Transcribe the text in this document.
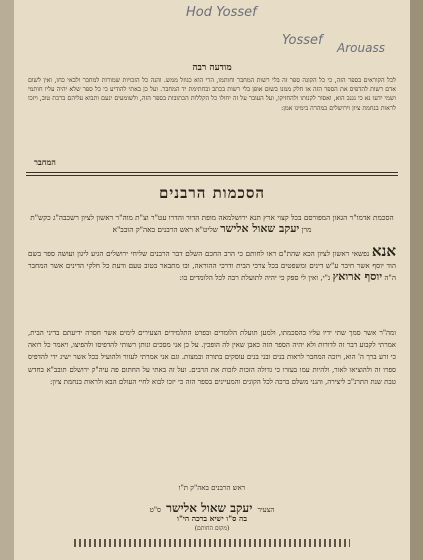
Hod Yossef
Yossef Arouass
מודעה רבה
לכל הקוראים בספר הזה, כי כל הקונה ספר זה בלי רשות המחבר וחותמו, הרי הוא כגוזל ממש. והנה כל הזכויות שמורות למחבר ולבאי כחו, ואין לשום אדם רשות להדפיס את הספר הזה או חלק ממנו בשום אופן בלי רשות בכתב ובחתימת יד המחבר. ועל כן באתי להודיע כי כל ספר שלא יהיה עליו חותמי ושמי ידעו נא כי נגנב הוא, ואסור לקנותו ולהחזיקו, ועל העובר על זה יחולו כל הקללות הכתובות בספר הזה, ולשומעים ינעם ותבוא עליהם ברכת טוב, ויזכו לראות בנחמת ציון וירושלים במהרה בימינו אמן:
המחבר
הסכמות הרבנים
הסכמת אדמו"ר הגאון המפורסם בכל קצוי ארץ תנא ירושלמאה מופת הדור והדרו עט"ר וצ"ת מוה"ר ראשון לציון רשכבה"ג כקש"ת מרן יעקב שאול אלישר שליט"א ראש הרבנים באה"ק הובב"א
אנא נפשאי ראשון לציון הכא שהת"ם ראו לחותם כי הרב החכם השלם דבר הרבנים שליחי ירושלים הגיע ליגון ועושה ספר בשם הוד יוסף אשר חיבר ע"ש דינים ומשפטים בכל צרכי הבית ודרכי ההוראה, ובו מתבאר בטוב טעם ודעת כל חלקי הדינים אשר המחבר ה"ה יוסף ארואץ נ"י, ואין לי ספק כי יהיה לתועלת רבה לכל הלומדים בו:
ומה"ר אשר סמך שתי ידיו עליו בהסכמתו, ולמען תועלת הלומדים ובפרט התלמידים הצעירים לימים אשר חסרה ידיעתם בדיני הבית, אמרתי לקבוע דבר זה לדורות ולא יהיה הספר הזה כאבן שאין לה הופכין. על כן אני מסכים ונותן רשותי להדפיסו ולהפיצו, ויאמר כל רואה כי זרע ברך ה' הוא, ויזכה המחבר לראות בנים ובני בנים עוסקים בתורה ובמצות. וגם אני אמרתי לעזור ולהועיל ככל אשר ישיג ידי להדפיס ספרו זה ולהוציאו לאור, ולהיות עמו בעזרו כי גדולה הזכות לזכות את הרבים. ועל זה באתי על החתום פה עיה"ק ירושלם תובב"א בחדש טבת שנת התרנ"ב ליצירה, והנני משלם ברכה לכל הקונים והמעיינים בספר הזה כי יזכו לבוא לחיי העולם הבא ולראות בנחמת ציון:
ראש הרבנים באה"ק ת"ו
הצעיר יעקב שאול אלישר ס"ט
בה ס"ו ישיא ברכה הי"ו
(מקום החותם)
